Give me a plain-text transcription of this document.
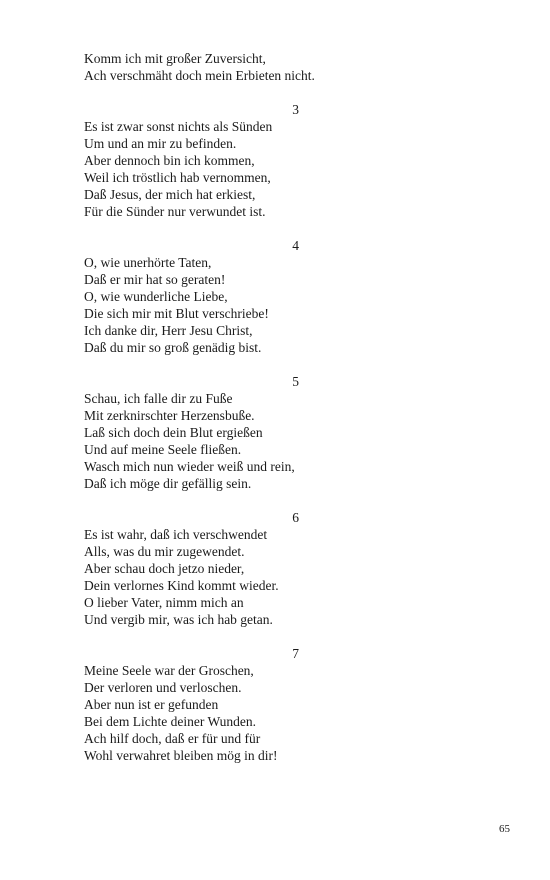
Komm ich mit großer Zuversicht,

Ach verschmäht doch mein Erbieten nicht.

3

Es ist zwar sonst nichts als Sünden

Um und an mir zu befinden.

Aber dennoch bin ich kommen,

Weil ich tröstlich hab vernommen,

Daß Jesus, der mich hat erkiest,

Für die Sünder nur verwundet ist.

4

O, wie unerhörte Taten,

Daß er mir hat so geraten!

O, wie wunderliche Liebe,

Die sich mir mit Blut verschriebe!

Ich danke dir, Herr Jesu Christ,

Daß du mir so groß genädig bist.

5

Schau, ich falle dir zu Fuße

Mit zerknirschter Herzensbuße.

Laß sich doch dein Blut ergießen

Und auf meine Seele fließen.

Wasch mich nun wieder weiß und rein,

Daß ich möge dir gefällig sein.

6

Es ist wahr, daß ich verschwendet

Alls, was du mir zugewendet.

Aber schau doch jetzo nieder,

Dein verlornes Kind kommt wieder.

O lieber Vater, nimm mich an

Und vergib mir, was ich hab getan.

7

Meine Seele war der Groschen,

Der verloren und verloschen.

Aber nun ist er gefunden

Bei dem Lichte deiner Wunden.

Ach hilf doch, daß er für und für

Wohl verwahret bleiben mög in dir!

65
